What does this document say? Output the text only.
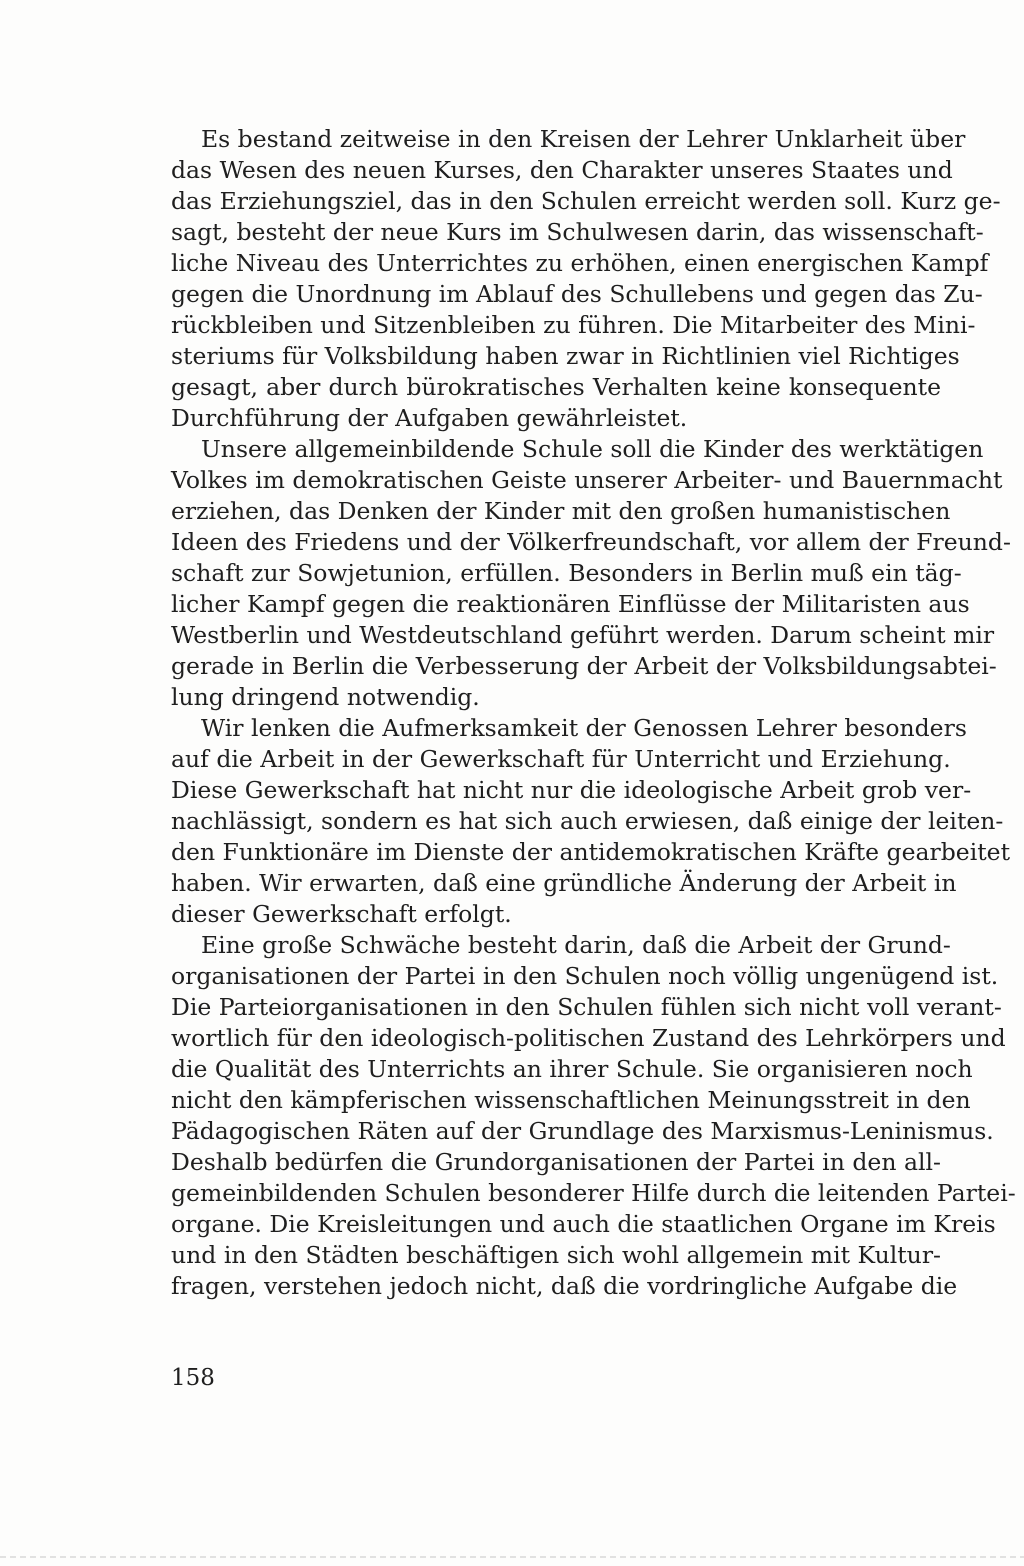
Es bestand zeitweise in den Kreisen der Lehrer Unklarheit über
das Wesen des neuen Kurses, den Charakter unseres Staates und
das Erziehungsziel, das in den Schulen erreicht werden soll. Kurz ge-
sagt, besteht der neue Kurs im Schulwesen darin, das wissenschaft-
liche Niveau des Unterrichtes zu erhöhen, einen energischen Kampf
gegen die Unordnung im Ablauf des Schullebens und gegen das Zu-
rückbleiben und Sitzenbleiben zu führen. Die Mitarbeiter des Mini-
steriums für Volksbildung haben zwar in Richtlinien viel Richtiges
gesagt, aber durch bürokratisches Verhalten keine konsequente
Durchführung der Aufgaben gewährleistet.
Unsere allgemeinbildende Schule soll die Kinder des werktätigen
Volkes im demokratischen Geiste unserer Arbeiter- und Bauernmacht
erziehen, das Denken der Kinder mit den großen humanistischen
Ideen des Friedens und der Völkerfreundschaft, vor allem der Freund-
schaft zur Sowjetunion, erfüllen. Besonders in Berlin muß ein täg-
licher Kampf gegen die reaktionären Einflüsse der Militaristen aus
Westberlin und Westdeutschland geführt werden. Darum scheint mir
gerade in Berlin die Verbesserung der Arbeit der Volksbildungsabtei-
lung dringend notwendig.
Wir lenken die Aufmerksamkeit der Genossen Lehrer besonders
auf die Arbeit in der Gewerkschaft für Unterricht und Erziehung.
Diese Gewerkschaft hat nicht nur die ideologische Arbeit grob ver-
nachlässigt, sondern es hat sich auch erwiesen, daß einige der leiten-
den Funktionäre im Dienste der antidemokratischen Kräfte gearbeitet
haben. Wir erwarten, daß eine gründliche Änderung der Arbeit in
dieser Gewerkschaft erfolgt.
Eine große Schwäche besteht darin, daß die Arbeit der Grund-
organisationen der Partei in den Schulen noch völlig ungenügend ist.
Die Parteiorganisationen in den Schulen fühlen sich nicht voll verant-
wortlich für den ideologisch-politischen Zustand des Lehrkörpers und
die Qualität des Unterrichts an ihrer Schule. Sie organisieren noch
nicht den kämpferischen wissenschaftlichen Meinungsstreit in den
Pädagogischen Räten auf der Grundlage des Marxismus-Leninismus.
Deshalb bedürfen die Grundorganisationen der Partei in den all-
gemeinbildenden Schulen besonderer Hilfe durch die leitenden Partei-
organe. Die Kreisleitungen und auch die staatlichen Organe im Kreis
und in den Städten beschäftigen sich wohl allgemein mit Kultur-
fragen, verstehen jedoch nicht, daß die vordringliche Aufgabe die
158
